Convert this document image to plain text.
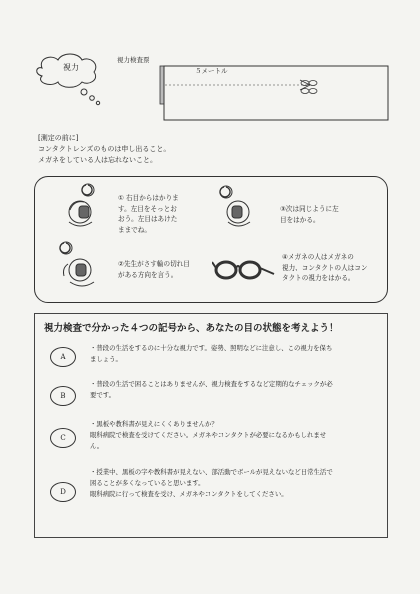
視力
視力検査票
５メートル
[測定の前に]
コンタクトレンズのものは申し出ること。
メガネをしている人は忘れないこと。
① 右目からはかりま
す。左目をそっとお
おう。左目はあけた
ままでね。
③次は同じように左
目をはかる。
②先生がさす輪の切れ目
がある方向を言う。
④メガネの人はメガネの
視力、コンタクトの人はコン
タクトの視力をはかる。
視力検査で分かった４つの記号から、あなたの目の状態を考えよう！
A
・普段の生活をするのに十分な視力です。姿勢、照明などに注意し、この視力を保ち
ましょう。
B
・普段の生活で困ることはありませんが、視力検査をするなど定期的なチェックが必
要です。
C
・黒板や教科書が見えにくくありませんか？
眼科病院で検査を受けてください。メガネやコンタクトが必要になるかもしれませ
ん。
D
・授業中、黒板の字や教科書が見えない、部活動でボールが見えないなど日常生活で
困ることが多くなっていると思います。
眼科病院に行って検査を受け、メガネやコンタクトをしてください。
